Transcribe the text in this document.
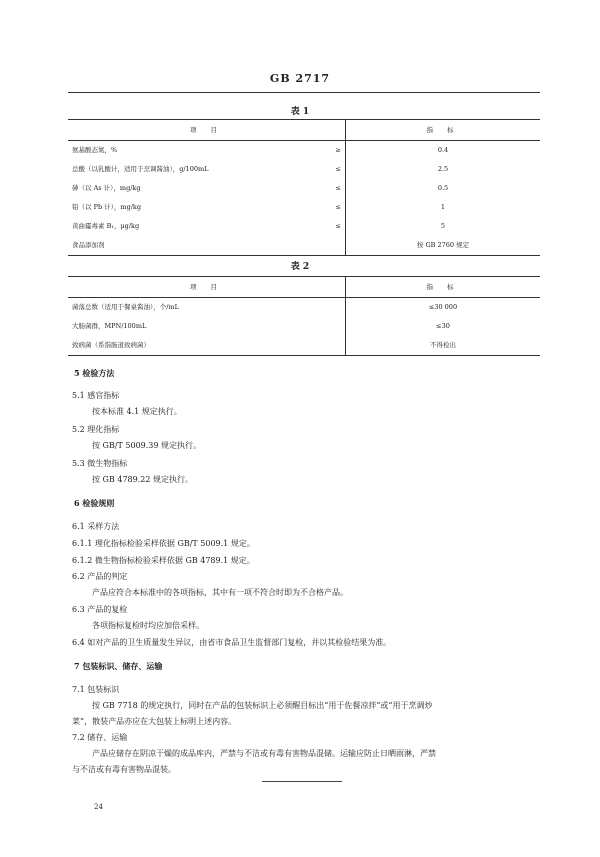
GB 2717
表 1
项 目		指 标
氨基酸态氮，%	≥	0.4
总酸（以乳酸计，适用于烹调酱油），g/100mL	≤	2.5
砷（以 As 计），mg/kg	≤	0.5
铅（以 Pb 计），mg/kg	≤	1
黄曲霉毒素 B₁，μg/kg	≤	5
食品添加剂		按 GB 2760 规定
表 2
项 目	指 标
菌落总数（适用于餐桌酱油），个/mL	≤30 000
大肠菌群，MPN/100mL	≤30
致病菌（系指肠道致病菌）	不得检出
5 检验方法
5.1 感官指标
按本标准 4.1 规定执行。
5.2 理化指标
按 GB/T 5009.39 规定执行。
5.3 微生物指标
按 GB 4789.22 规定执行。
6 检验规则
6.1 采样方法
6.1.1 理化指标检验采样依据 GB/T 5009.1 规定。
6.1.2 微生物指标检验采样依据 GB 4789.1 规定。
6.2 产品的判定
产品应符合本标准中的各项指标，其中有一项不符合时即为不合格产品。
6.3 产品的复检
各项指标复检时均应加倍采样。
6.4 如对产品的卫生质量发生异议，由省市食品卫生监督部门复检，并以其检验结果为准。
7 包装标识、储存、运输
7.1 包装标识
按 GB 7718 的规定执行，同时在产品的包装标识上必须醒目标出“用于佐餐凉拌”或“用于烹调炒
菜”，散装产品亦应在大包装上标明上述内容。
7.2 储存、运输
产品应储存在阴凉干燥的成品库内，严禁与不洁或有毒有害物品混储。运输应防止日晒雨淋，严禁
与不洁或有毒有害物品混装。
24
